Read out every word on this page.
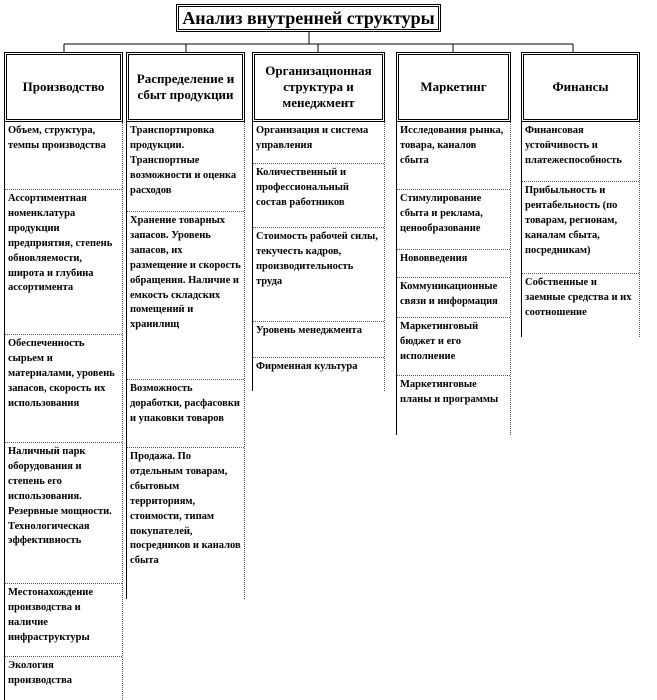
Анализ внутренней структуры
Производство
Объем, структура, темпы производства
Ассортиментная номенклатура продукции предприятия, степень обновляемости, широта и глубина ассортимента
Обеспеченность сырьем и материалами, уровень запасов, скорость их использования
Наличный парк оборудования и степень его использования. Резервные мощности. Технологическая эффективность
Местонахождение производства и наличие инфраструктуры
Экология производства
Распределение и сбыт продукции
Транспортировка продукции. Транспортные возможности и оценка расходов
Хранение товарных запасов. Уровень запасов, их размещение и скорость обращения. Наличие и емкость складских помещений и хранилищ
Возможность доработки, расфасовки и упаковки товаров
Продажа. По отдельным товарам, сбытовым территориям, стоимости, типам покупателей, посредников и каналов сбыта
Организационная структура и менеджмент
Организация и система управления
Количественный и профессиональный состав работников
Стоимость рабочей силы, текучесть кадров, производительность труда
Уровень менеджмента
Фирменная культура
Маркетинг
Исследования рынка, товара, каналов сбыта
Стимулирование сбыта и реклама, ценообразование
Нововведения
Коммуникационные связи и информация
Маркетинговый бюджет и его исполнение
Маркетинговые планы и программы
Финансы
Финансовая устойчивость и платежеспособность
Прибыльность и рентабельность (по товарам, регионам, каналам сбыта, посредникам)
Собственные и заемные средства и их соотношение
